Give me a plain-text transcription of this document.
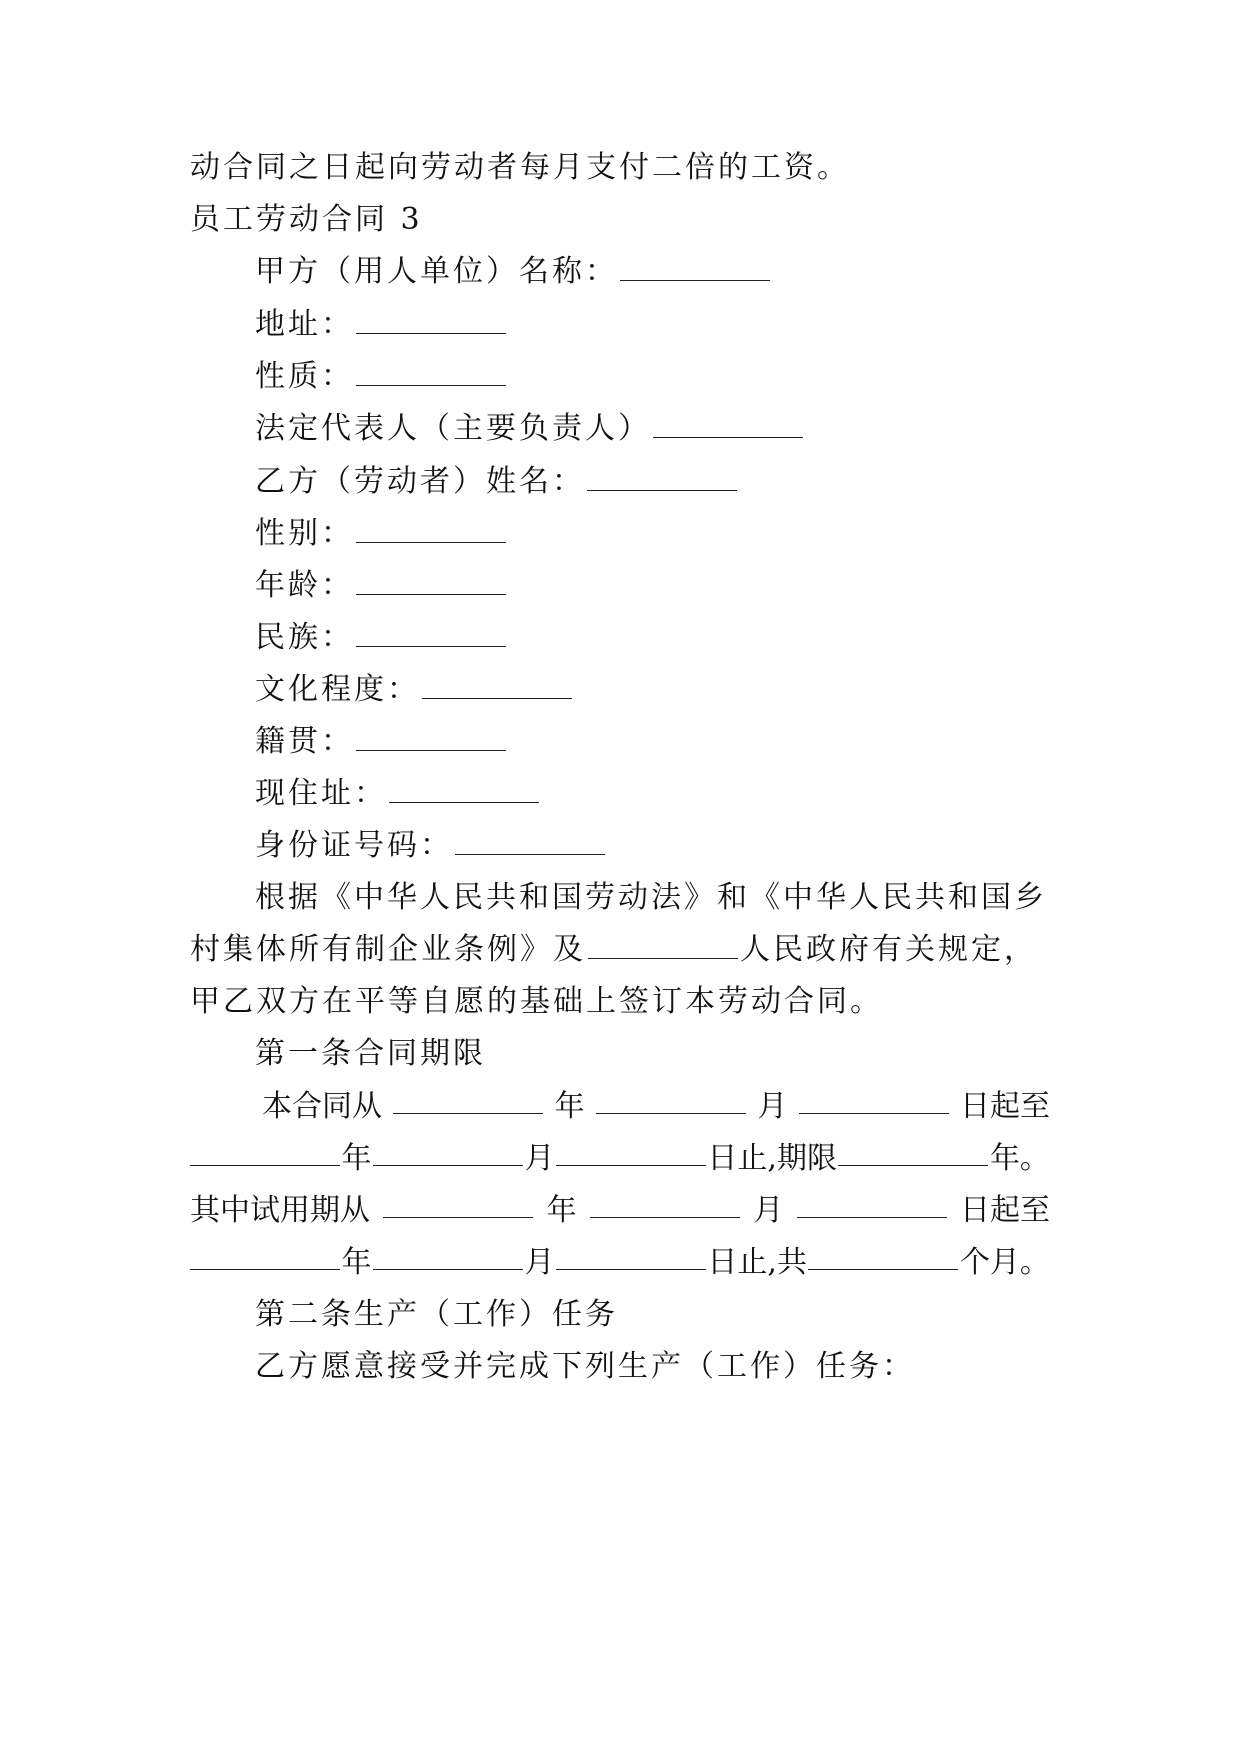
动合同之日起向劳动者每月支付二倍的工资。
员工劳动合同 3
甲方（用人单位）名称：
地址：
性质：
法定代表人（主要负责人）
乙方（劳动者）姓名：
性别：
年龄：
民族：
文化程度：
籍贯：
现住址：
身份证号码：
根据《中华人民共和国劳动法》和《中华人民共和国乡
村集体所有制企业条例》及	人民政府有关规定，
甲乙双方在平等自愿的基础上签订本劳动合同。
第一条合同期限
本合同从	年	月	日起至
年	月	日止,期限	年。
其中试用期从	年	月	日起至
年	月	日止,共	个月。
第二条生产（工作）任务
乙方愿意接受并完成下列生产（工作）任务：
